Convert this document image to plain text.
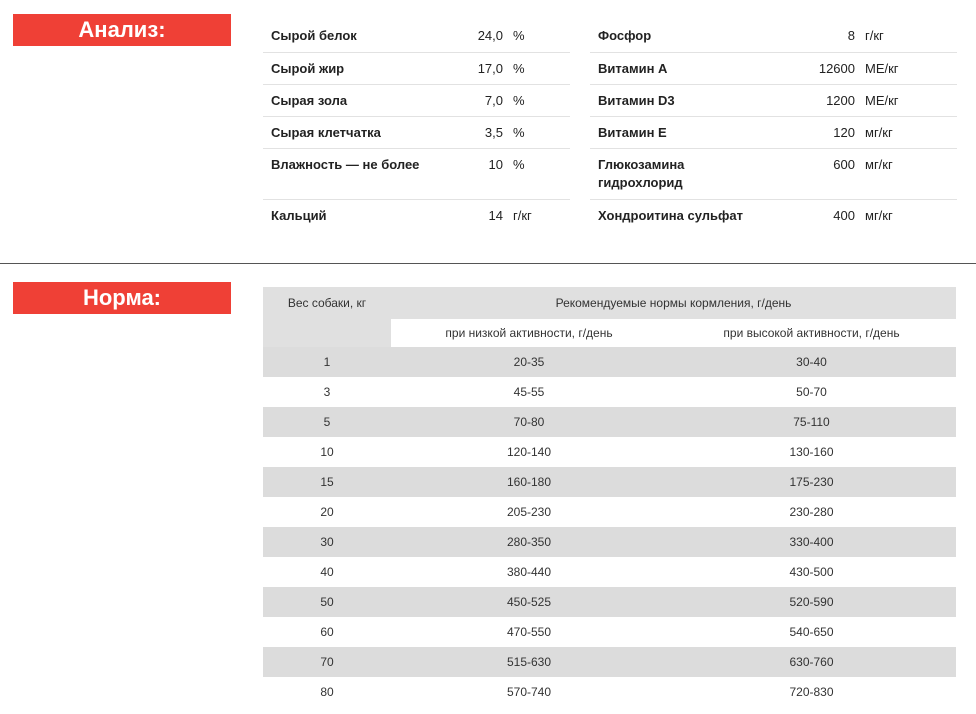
Анализ:	Сырой белок	24,0	%
Сырой жир	17,0	%
Сырая зола	7,0	%
Сырая клетчатка	3,5	%
Влажность — не более	10	%
Кальций	14	г/кг
Фосфор	8	г/кг
Витамин А	12600	МЕ/кг
Витамин D3	1200	МЕ/кг
Витамин Е	120	мг/кг
Глюкозамина гидрохлорид	600	мг/кг
Хондроитина сульфат	400	мг/кг
Норма:	Вес собаки, кг	Рекомендуемые нормы кормления, г/день	
	при низкой активности, г/день	при высокой активности, г/день
1	20-35	30-40
3	45-55	50-70
5	70-80	75-110
10	120-140	130-160
15	160-180	175-230
20	205-230	230-280
30	280-350	330-400
40	380-440	430-500
50	450-525	520-590
60	470-550	540-650
70	515-630	630-760
80	570-740	720-830
